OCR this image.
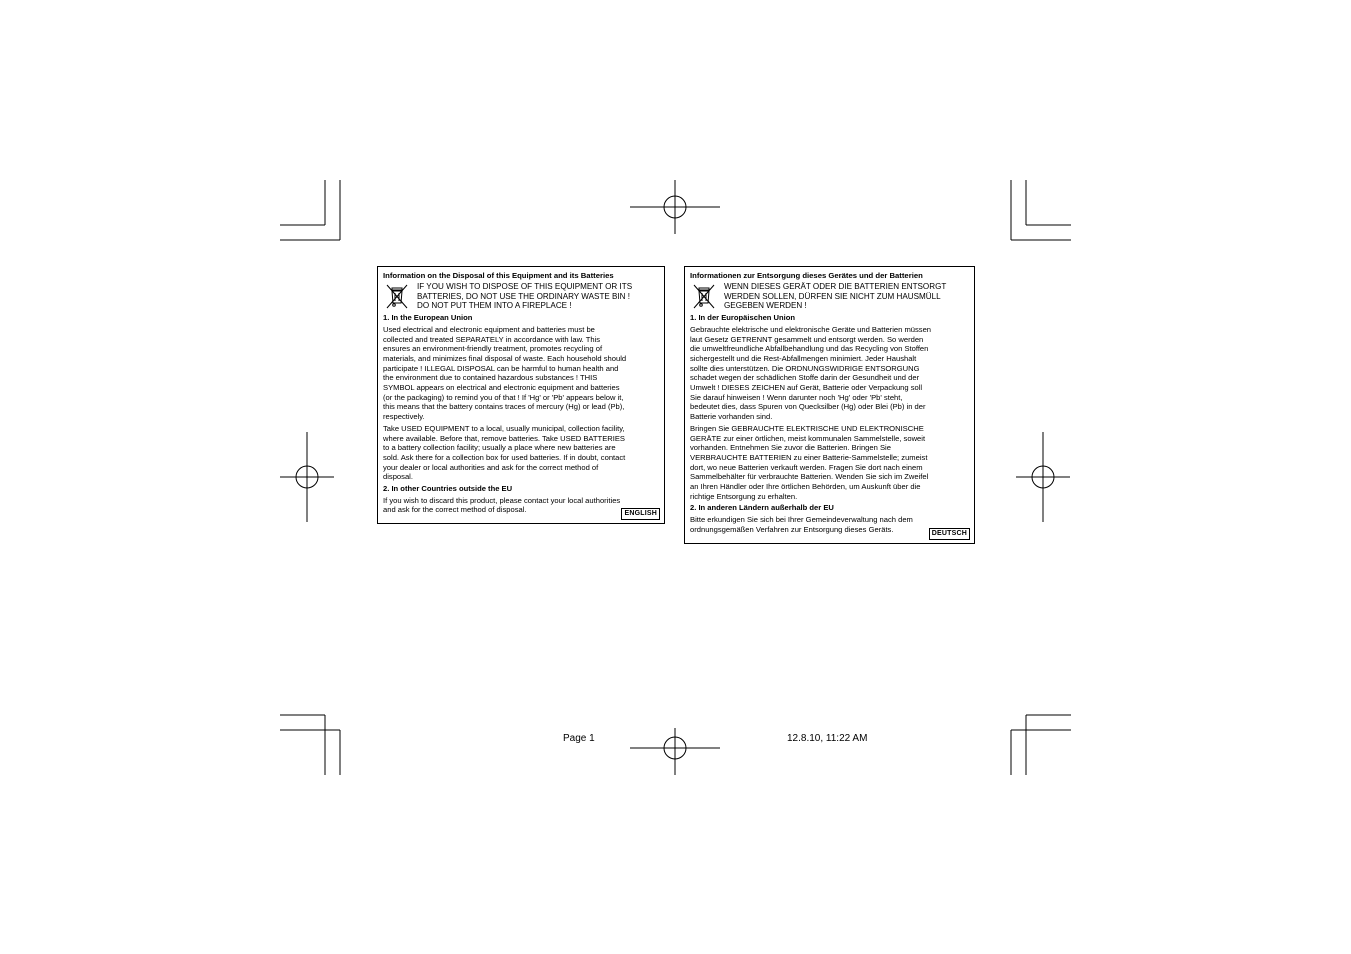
Information on the Disposal of this Equipment and its Batteries
IF YOU WISH TO DISPOSE OF THIS EQUIPMENT OR ITS
BATTERIES, DO NOT USE THE ORDINARY WASTE BIN !
DO NOT PUT THEM INTO A FIREPLACE !
1. In the European Union
Used electrical and electronic equipment and batteries must be
collected and treated SEPARATELY in accordance with law. This
ensures an environment-friendly treatment, promotes recycling of
materials, and minimizes final disposal of waste. Each household should
participate ! ILLEGAL DISPOSAL can be harmful to human health and
the environment due to contained hazardous substances ! THIS
SYMBOL appears on electrical and electronic equipment and batteries
(or the packaging) to remind you of that ! If 'Hg' or 'Pb' appears below it,
this means that the battery contains traces of mercury (Hg) or lead (Pb),
respectively.
Take USED EQUIPMENT to a local, usually municipal, collection facility,
where available. Before that, remove batteries. Take USED BATTERIES
to a battery collection facility; usually a place where new batteries are
sold. Ask there for a collection box for used batteries. If in doubt, contact
your dealer or local authorities and ask for the correct method of
disposal.
2. In other Countries outside the EU
If you wish to discard this product, please contact your local authorities
and ask for the correct method of disposal.	ENGLISH
Informationen zur Entsorgung dieses Gerätes und der Batterien
WENN DIESES GERÄT ODER DIE BATTERIEN ENTSORGT
WERDEN SOLLEN, DÜRFEN SIE NICHT ZUM HAUSMÜLL
GEGEBEN WERDEN !
1. In der Europäischen Union
Gebrauchte elektrische und elektronische Geräte und Batterien müssen
laut Gesetz GETRENNT gesammelt und entsorgt werden. So werden
die umweltfreundliche Abfallbehandlung und das Recycling von Stoffen
sichergestellt und die Rest-Abfallmengen minimiert. Jeder Haushalt
sollte dies unterstützen. Die ORDNUNGSWIDRIGE ENTSORGUNG
schadet wegen der schädlichen Stoffe darin der Gesundheit und der
Umwelt ! DIESES ZEICHEN auf Gerät, Batterie oder Verpackung soll
Sie darauf hinweisen ! Wenn darunter noch 'Hg' oder 'Pb' steht,
bedeutet dies, dass Spuren von Quecksilber (Hg) oder Blei (Pb) in der
Batterie vorhanden sind.
Bringen Sie GEBRAUCHTE ELEKTRISCHE UND ELEKTRONISCHE
GERÄTE zur einer örtlichen, meist kommunalen Sammelstelle, soweit
vorhanden. Entnehmen Sie zuvor die Batterien. Bringen Sie
VERBRAUCHTE BATTERIEN zu einer Batterie-Sammelstelle; zumeist
dort, wo neue Batterien verkauft werden. Fragen Sie dort nach einem
Sammelbehälter für verbrauchte Batterien. Wenden Sie sich im Zweifel
an Ihren Händler oder Ihre örtlichen Behörden, um Auskunft über die
richtige Entsorgung zu erhalten.
2. In anderen Ländern außerhalb der EU
Bitte erkundigen Sie sich bei Ihrer Gemeindeverwaltung nach dem
ordnungsgemäßen Verfahren zur Entsorgung dieses Geräts.	DEUTSCH
Page 1	12.8.10, 11:22 AM
